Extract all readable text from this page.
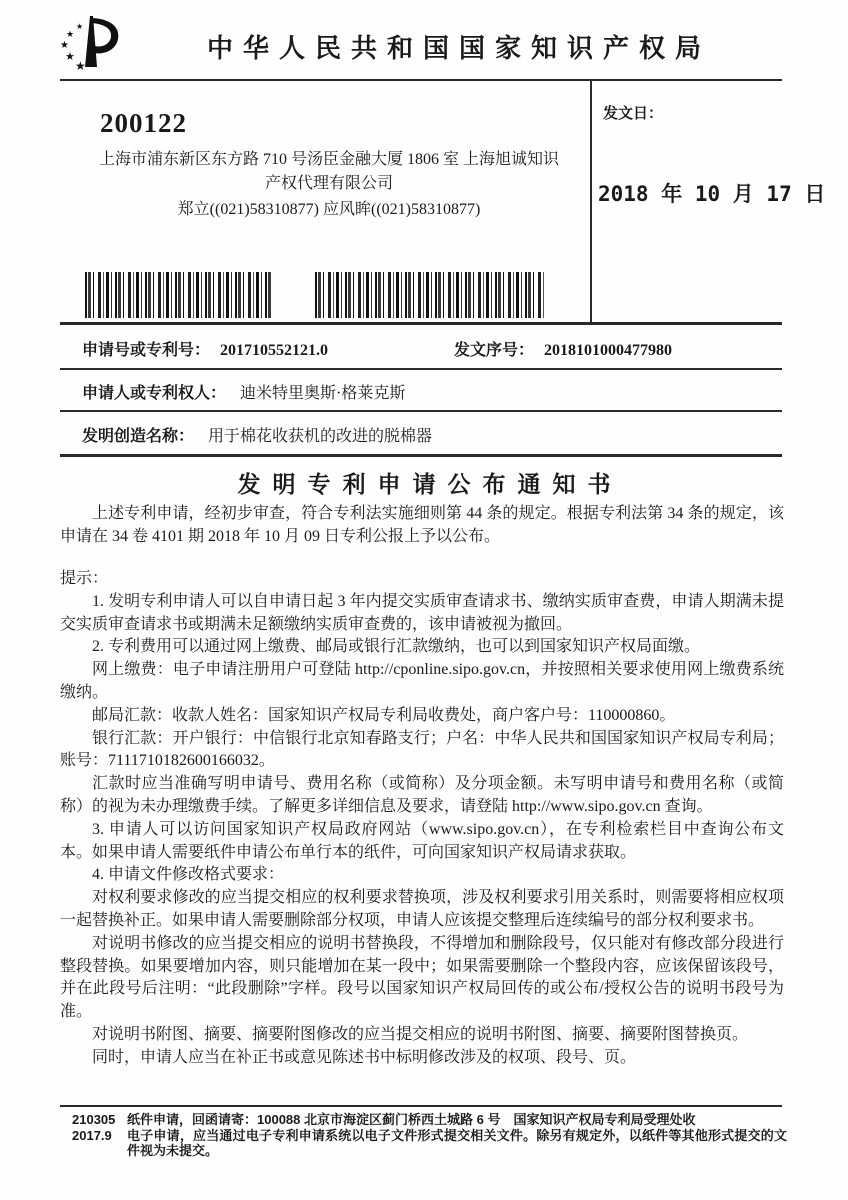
★
★
★
★
★
中华人民共和国国家知识产权局
200122
上海市浦东新区东方路 710 号汤臣金融大厦 1806 室 上海旭诚知识产权代理有限公司
郑立((021)58310877) 应风眸((021)58310877)
发文日：
2018 年 10 月 17 日
申请号或专利号： 201710552121.0	发文序号： 2018101000477980
申请人或专利权人： 迪米特里奥斯·格莱克斯
发明创造名称： 用于棉花收获机的改进的脱棉器
发明专利申请公布通知书
上述专利申请，经初步审查，符合专利法实施细则第 44 条的规定。根据专利法第 34 条的规定，该申请在 34 卷 4101 期 2018 年 10 月 09 日专利公报上予以公布。

提示：

1. 发明专利申请人可以自申请日起 3 年内提交实质审查请求书、缴纳实质审查费，申请人期满未提交实质审查请求书或期满未足额缴纳实质审查费的，该申请被视为撤回。

2. 专利费用可以通过网上缴费、邮局或银行汇款缴纳，也可以到国家知识产权局面缴。

网上缴费：电子申请注册用户可登陆 http://cponline.sipo.gov.cn，并按照相关要求使用网上缴费系统缴纳。

邮局汇款：收款人姓名：国家知识产权局专利局收费处，商户客户号：110000860。

银行汇款：开户银行：中信银行北京知春路支行；户名：中华人民共和国国家知识产权局专利局；账号：7111710182600166032。

汇款时应当准确写明申请号、费用名称（或简称）及分项金额。未写明申请号和费用名称（或简称）的视为未办理缴费手续。了解更多详细信息及要求，请登陆 http://www.sipo.gov.cn 查询。

3. 申请人可以访问国家知识产权局政府网站（www.sipo.gov.cn），在专利检索栏目中查询公布文本。如果申请人需要纸件申请公布单行本的纸件，可向国家知识产权局请求获取。

4. 申请文件修改格式要求：

对权利要求修改的应当提交相应的权利要求替换项，涉及权利要求引用关系时，则需要将相应权项一起替换补正。如果申请人需要删除部分权项，申请人应该提交整理后连续编号的部分权利要求书。

对说明书修改的应当提交相应的说明书替换段，不得增加和删除段号，仅只能对有修改部分段进行整段替换。如果要增加内容，则只能增加在某一段中；如果需要删除一个整段内容，应该保留该段号，并在此段号后注明：“此段删除”字样。段号以国家知识产权局回传的或公布/授权公告的说明书段号为准。

对说明书附图、摘要、摘要附图修改的应当提交相应的说明书附图、摘要、摘要附图替换页。

同时，申请人应当在补正书或意见陈述书中标明修改涉及的权项、段号、页。

210305
2017.9
纸件申请，回函请寄：100088 北京市海淀区蓟门桥西土城路 6 号　国家知识产权局专利局受理处收
电子申请，应当通过电子专利申请系统以电子文件形式提交相关文件。除另有规定外，以纸件等其他形式提交的文件视为未提交。
